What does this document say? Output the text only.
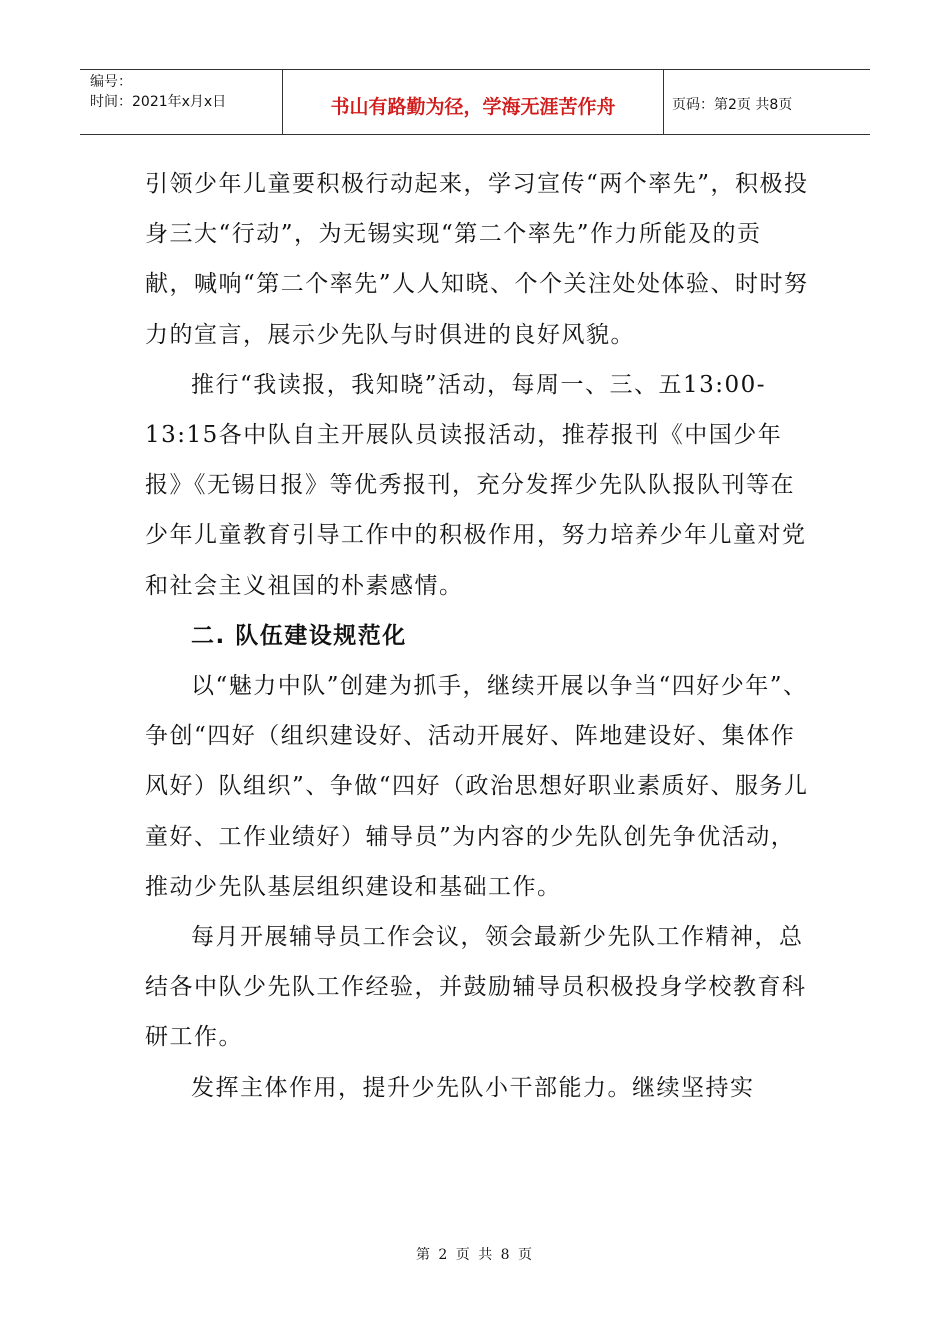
编号：
时间：2021年x月x日	书山有路勤为径，学海无涯苦作舟	页码：第2页 共8页

引领少年儿童要积极行动起来，学习宣传“两个率先”，积极投身三大“行动”，为无锡实现“第二个率先”作力所能及的贡献，喊响“第二个率先”人人知晓、个个关注处处体验、时时努力的宣言，展示少先队与时俱进的良好风貌。

推行“我读报，我知晓”活动，每周一、三、五13:00-13:15各中队自主开展队员读报活动，推荐报刊《中国少年报》《无锡日报》等优秀报刊，充分发挥少先队队报队刊等在少年儿童教育引导工作中的积极作用，努力培养少年儿童对党和社会主义祖国的朴素感情。

二. 队伍建设规范化

以“魅力中队”创建为抓手，继续开展以争当“四好少年”、争创“四好（组织建设好、活动开展好、阵地建设好、集体作风好）队组织”、争做“四好（政治思想好职业素质好、服务儿童好、工作业绩好）辅导员”为内容的少先队创先争优活动，推动少先队基层组织建设和基础工作。

每月开展辅导员工作会议，领会最新少先队工作精神，总结各中队少先队工作经验，并鼓励辅导员积极投身学校教育科研工作。

发挥主体作用，提升少先队小干部能力。继续坚持实

第 2 页 共 8 页
